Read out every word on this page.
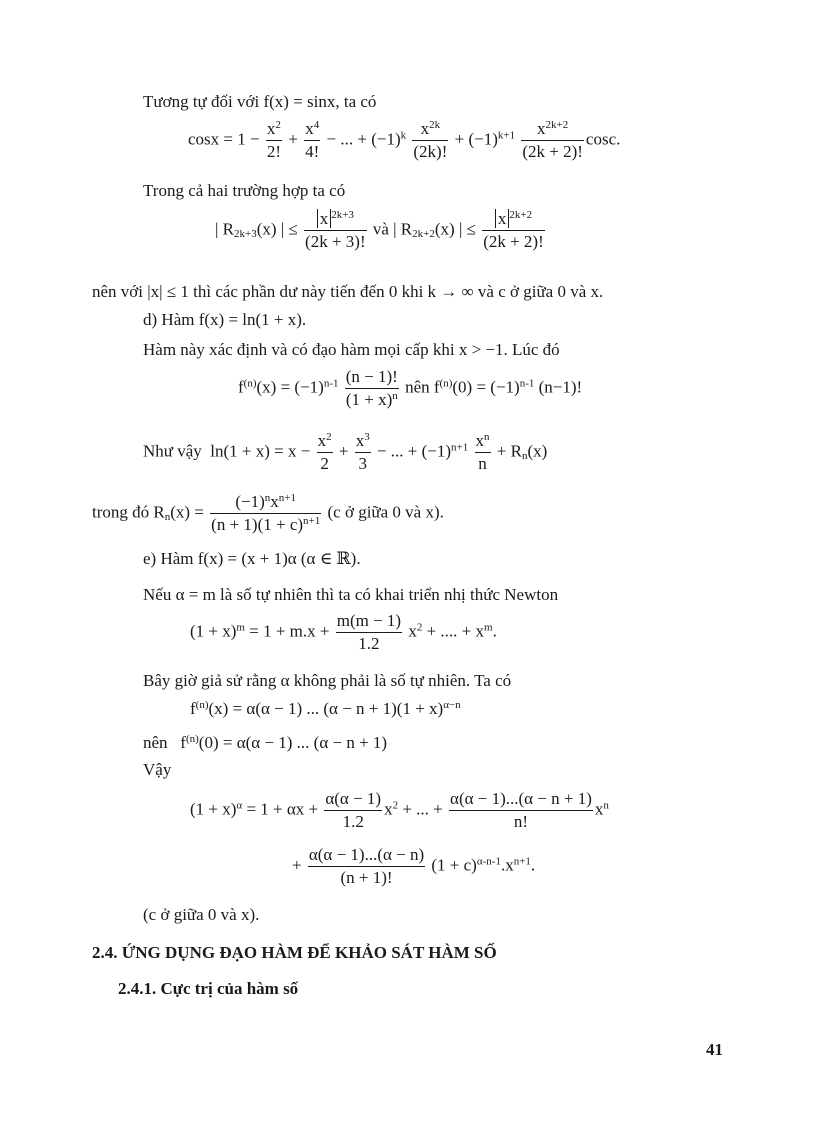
Tương tự đối với f(x) = sinx, ta có
$\cos x = 1 - \frac{x^2}{2!} + \frac{x^4}{4!}$ − ... + $(-1)^k \frac{x^{2k}}{(2k)!} + (-1)^{k+1} \frac{x^{2k+2}}{(2k + 2)!} \cos c$.
Trong cả hai trường hợp ta có
| $R_{2k+3}(x)$ | ≤ $\frac{x ^{2k+3}}{(2k + 3)!}$ và | $R_{2k+2}(x)$ | ≤ $\frac{x ^{2k+2}}{(2k + 2)!}$
nên với |x| ≤ 1 thì các phần dư này tiến đến 0 khi k → ∞ và c ở giữa 0 và x.
d) Hàm f(x) = ln(1 + x).
Hàm này xác định và có đạo hàm mọi cấp khi x > −1. Lúc đó
$f^{(n)}(x) = (-1)^{n-1} \frac{(n - 1)!}{(1 + x)^n}$ nên $f^{(n)}(0) = (-1)^{n-1}$ (n−1)!
Như vậy  $\ln(1 + x) = x - \frac{x^2}{2} + \frac{x^3}{3}$ − ... + $(-1)^{n+1} \frac{x^n}{n} + R_n(x)$
trong đó $R_n(x) = \frac{(-1)^nx^{n+1}}{(n + 1)(1 + c)^{n+1}} (c$ ở giữa 0 và x).
e) Hàm f(x) = (x + 1)α (α ∈ ℝ).
Nếu α = m là số tự nhiên thì ta có khai triển nhị thức Newton
$(1 + x)^m = 1 + m.x + \frac{m(m - 1)}{1.2} x^2$ + .... + $x^m$.
Bây giờ giả sử rằng α không phải là số tự nhiên. Ta có
$f^{(n)}(x) = \alpha(\alpha - 1)$ ... $(\alpha - n + 1)(1 + x)^{\alpha-n}$
nên   $f^{(n)}(0) = \alpha(\alpha - 1)$ ... (α − n + 1)
Vậy
$(1 + x)^\alpha = 1 + \alpha x + \frac{\alpha(\alpha - 1)}{1.2} x^2$ + ... + $\frac{\alpha(\alpha - 1)...(\alpha - n + 1)}{n!} x^n$
+ $\frac{\alpha(\alpha - 1)...(\alpha - n)}{(n + 1)!} (1 + c)^{\alpha-n-1}.x^{n+1}$.
(c ở giữa 0 và x).
2.4. ỨNG DỤNG ĐẠO HÀM ĐỂ KHẢO SÁT HÀM SỐ
2.4.1. Cực trị của hàm số
41
